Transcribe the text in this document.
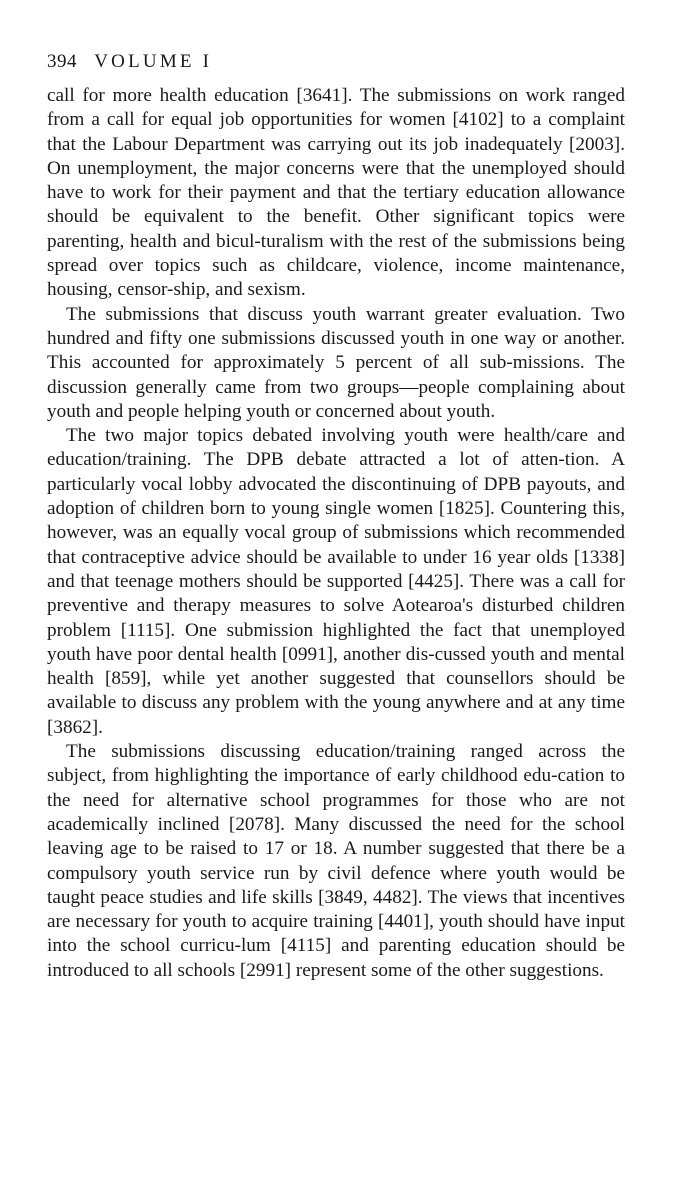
394 VOLUME I

call for more health education [3641]. The submissions on work ranged from a call for equal job opportunities for women [4102] to a complaint that the Labour Department was carrying out its job inadequately [2003]. On unemployment, the major concerns were that the unemployed should have to work for their payment and that the tertiary education allowance should be equivalent to the benefit. Other significant topics were parenting, health and bicul-turalism with the rest of the submissions being spread over topics such as childcare, violence, income maintenance, housing, censor-ship, and sexism.

The submissions that discuss youth warrant greater evaluation. Two hundred and fifty one submissions discussed youth in one way or another. This accounted for approximately 5 percent of all sub-missions. The discussion generally came from two groups—people complaining about youth and people helping youth or concerned about youth.

The two major topics debated involving youth were health/care and education/training. The DPB debate attracted a lot of atten-tion. A particularly vocal lobby advocated the discontinuing of DPB payouts, and adoption of children born to young single women [1825]. Countering this, however, was an equally vocal group of submissions which recommended that contraceptive advice should be available to under 16 year olds [1338] and that teenage mothers should be supported [4425]. There was a call for preventive and therapy measures to solve Aotearoa's disturbed children problem [1115]. One submission highlighted the fact that unemployed youth have poor dental health [0991], another dis-cussed youth and mental health [859], while yet another suggested that counsellors should be available to discuss any problem with the young anywhere and at any time [3862].

The submissions discussing education/training ranged across the subject, from highlighting the importance of early childhood edu-cation to the need for alternative school programmes for those who are not academically inclined [2078]. Many discussed the need for the school leaving age to be raised to 17 or 18. A number suggested that there be a compulsory youth service run by civil defence where youth would be taught peace studies and life skills [3849, 4482]. The views that incentives are necessary for youth to acquire training [4401], youth should have input into the school curricu-lum [4115] and parenting education should be introduced to all schools [2991] represent some of the other suggestions.
